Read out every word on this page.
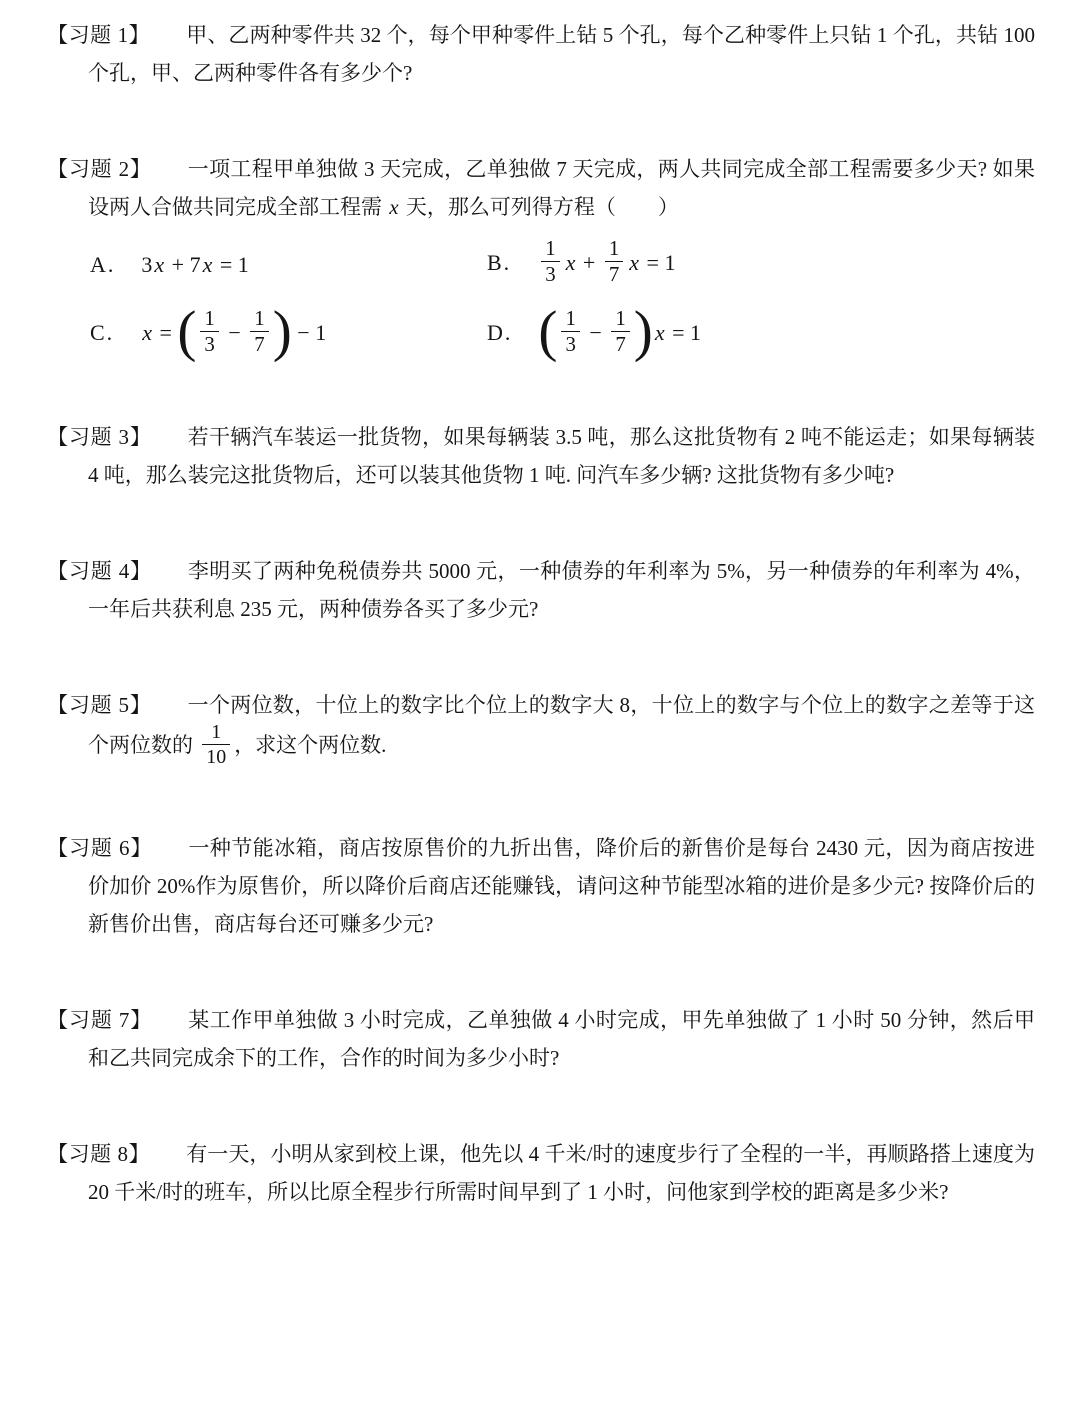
【习题 1】 甲、乙两种零件共 32 个，每个甲种零件上钻 5 个孔，每个乙种零件上只钻 1 个孔，共钻 100 个孔，甲、乙两种零件各有多少个?

【习题 2】 一项工程甲单独做 3 天完成，乙单独做 7 天完成，两人共同完成全部工程需要多少天? 如果设两人合做共同完成全部工程需 x 天，那么可列得方程（　　）

A. 3x + 7x = 1	B. $\frac{1}{3}$ $x + \frac{1}{7}$ x = 1
C. x = ( $\frac{1}{3} - \frac{1}{7}$ ) − 1	D. ( $\frac{1}{3} - \frac{1}{7} )x = 1$

【习题 3】 若干辆汽车装运一批货物，如果每辆装 3.5 吨，那么这批货物有 2 吨不能运走；如果每辆装 4 吨，那么装完这批货物后，还可以装其他货物 1 吨. 问汽车多少辆? 这批货物有多少吨?

【习题 4】 李明买了两种免税债券共 5000 元，一种债券的年利率为 5%，另一种债券的年利率为 4%，一年后共获利息 235 元，两种债券各买了多少元?

【习题 5】 一个两位数，十位上的数字比个位上的数字大 8，十位上的数字与个位上的数字之差等于这个两位数的 $\frac{1}{10}$ ，求这个两位数.

【习题 6】 一种节能冰箱，商店按原售价的九折出售，降价后的新售价是每台 2430 元，因为商店按进价加价 20%作为原售价，所以降价后商店还能赚钱，请问这种节能型冰箱的进价是多少元? 按降价后的新售价出售，商店每台还可赚多少元?

【习题 7】 某工作甲单独做 3 小时完成，乙单独做 4 小时完成，甲先单独做了 1 小时 50 分钟，然后甲和乙共同完成余下的工作，合作的时间为多少小时?

【习题 8】 有一天，小明从家到校上课，他先以 4 千米/时的速度步行了全程的一半，再顺路搭上速度为 20 千米/时的班车，所以比原全程步行所需时间早到了 1 小时，问他家到学校的距离是多少米?
